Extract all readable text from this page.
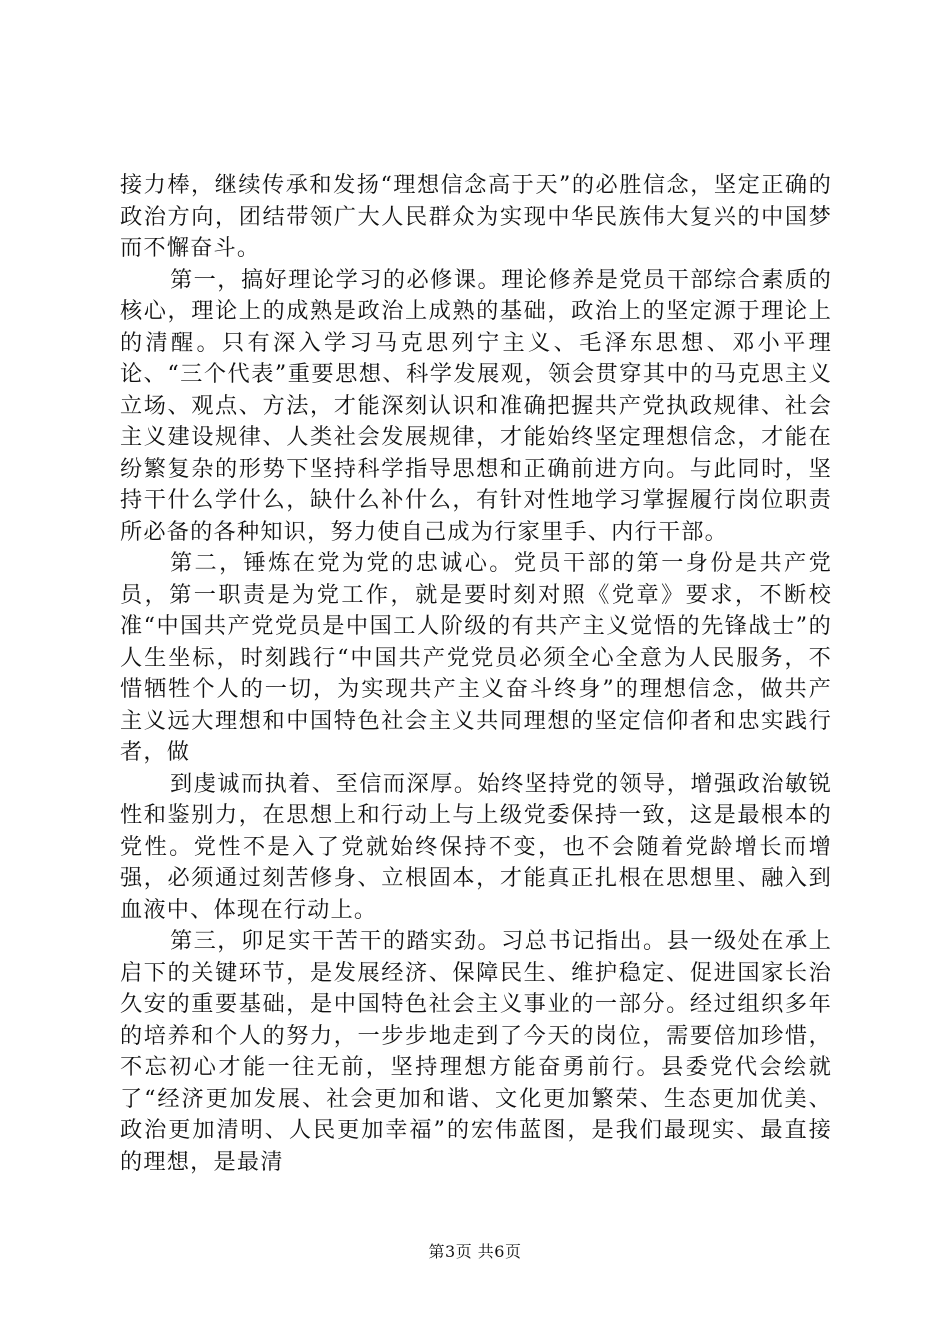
接力棒，继续传承和发扬“理想信念高于天”的必胜信念，坚定正确的政治方向，团结带领广大人民群众为实现中华民族伟大复兴的中国梦而不懈奋斗。

第一，搞好理论学习的必修课。理论修养是党员干部综合素质的核心，理论上的成熟是政治上成熟的基础，政治上的坚定源于理论上的清醒。只有深入学习马克思列宁主义、毛泽东思想、邓小平理论、“三个代表”重要思想、科学发展观，领会贯穿其中的马克思主义立场、观点、方法，才能深刻认识和准确把握共产党执政规律、社会主义建设规律、人类社会发展规律，才能始终坚定理想信念，才能在纷繁复杂的形势下坚持科学指导思想和正确前进方向。与此同时，坚持干什么学什么，缺什么补什么，有针对性地学习掌握履行岗位职责所必备的各种知识，努力使自己成为行家里手、内行干部。

第二，锤炼在党为党的忠诚心。党员干部的第一身份是共产党员，第一职责是为党工作，就是要时刻对照《党章》要求，不断校准“中国共产党党员是中国工人阶级的有共产主义觉悟的先锋战士”的人生坐标，时刻践行“中国共产党党员必须全心全意为人民服务，不惜牺牲个人的一切，为实现共产主义奋斗终身”的理想信念，做共产主义远大理想和中国特色社会主义共同理想的坚定信仰者和忠实践行者，做

到虔诚而执着、至信而深厚。始终坚持党的领导，增强政治敏锐性和鉴别力，在思想上和行动上与上级党委保持一致，这是最根本的党性。党性不是入了党就始终保持不变，也不会随着党龄增长而增强，必须通过刻苦修身、立根固本，才能真正扎根在思想里、融入到血液中、体现在行动上。

第三，卯足实干苦干的踏实劲。习总书记指出。县一级处在承上启下的关键环节，是发展经济、保障民生、维护稳定、促进国家长治久安的重要基础，是中国特色社会主义事业的一部分。经过组织多年的培养和个人的努力，一步步地走到了今天的岗位，需要倍加珍惜，不忘初心才能一往无前，坚持理想方能奋勇前行。县委党代会绘就了“经济更加发展、社会更加和谐、文化更加繁荣、生态更加优美、政治更加清明、人民更加幸福”的宏伟蓝图，是我们最现实、最直接的理想，是最清

第3页 共6页
